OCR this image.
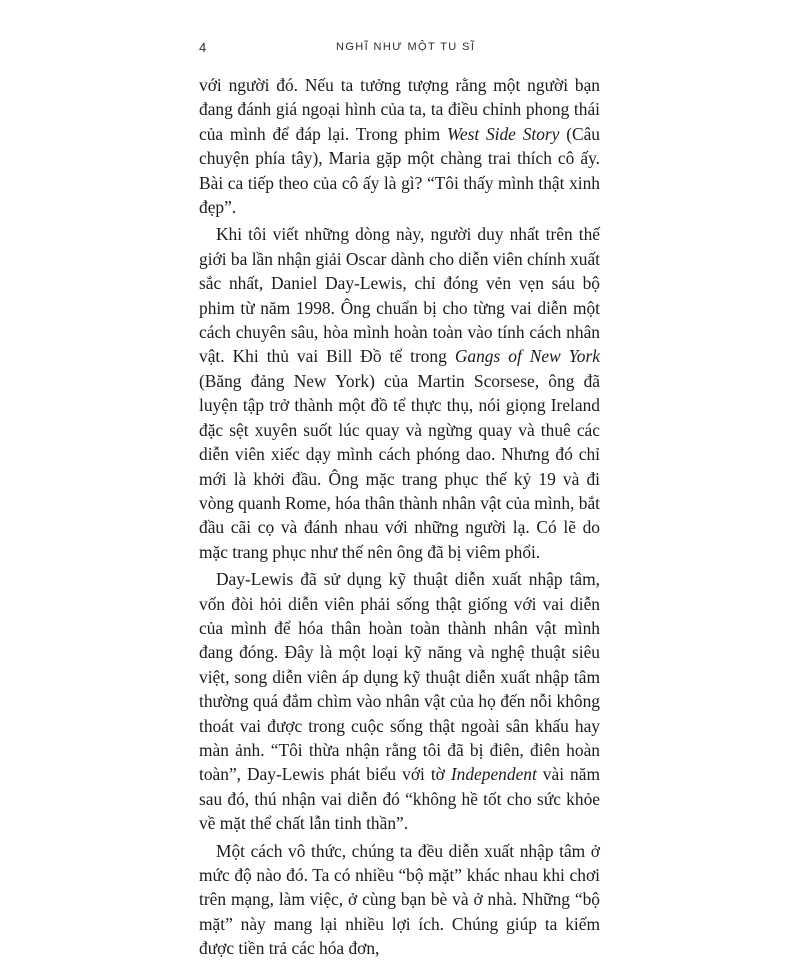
4	NGHĨ NHƯ MỘT TU SĨ

với người đó. Nếu ta tưởng tượng rằng một người bạn đang đánh giá ngoại hình của ta, ta điều chỉnh phong thái của mình để đáp lại. Trong phim West Side Story (Câu chuyện phía tây), Maria gặp một chàng trai thích cô ấy. Bài ca tiếp theo của cô ấy là gì? “Tôi thấy mình thật xinh đẹp”.

Khi tôi viết những dòng này, người duy nhất trên thế giới ba lần nhận giải Oscar dành cho diễn viên chính xuất sắc nhất, Daniel Day-Lewis, chỉ đóng vẻn vẹn sáu bộ phim từ năm 1998. Ông chuẩn bị cho từng vai diễn một cách chuyên sâu, hòa mình hoàn toàn vào tính cách nhân vật. Khi thủ vai Bill Đồ tể trong Gangs of New York (Băng đảng New York) của Martin Scorsese, ông đã luyện tập trở thành một đồ tể thực thụ, nói giọng Ireland đặc sệt xuyên suốt lúc quay và ngừng quay và thuê các diễn viên xiếc dạy mình cách phóng dao. Nhưng đó chỉ mới là khởi đầu. Ông mặc trang phục thế kỷ 19 và đi vòng quanh Rome, hóa thân thành nhân vật của mình, bắt đầu cãi cọ và đánh nhau với những người lạ. Có lẽ do mặc trang phục như thế nên ông đã bị viêm phổi.

Day-Lewis đã sử dụng kỹ thuật diễn xuất nhập tâm, vốn đòi hỏi diễn viên phải sống thật giống với vai diễn của mình để hóa thân hoàn toàn thành nhân vật mình đang đóng. Đây là một loại kỹ năng và nghệ thuật siêu việt, song diễn viên áp dụng kỹ thuật diễn xuất nhập tâm thường quá đắm chìm vào nhân vật của họ đến nỗi không thoát vai được trong cuộc sống thật ngoài sân khấu hay màn ảnh. “Tôi thừa nhận rằng tôi đã bị điên, điên hoàn toàn”, Day-Lewis phát biểu với tờ Independent vài năm sau đó, thú nhận vai diễn đó “không hề tốt cho sức khỏe về mặt thể chất lẫn tinh thần”.

Một cách vô thức, chúng ta đều diễn xuất nhập tâm ở mức độ nào đó. Ta có nhiều “bộ mặt” khác nhau khi chơi trên mạng, làm việc, ở cùng bạn bè và ở nhà. Những “bộ mặt” này mang lại nhiều lợi ích. Chúng giúp ta kiếm được tiền trả các hóa đơn,
